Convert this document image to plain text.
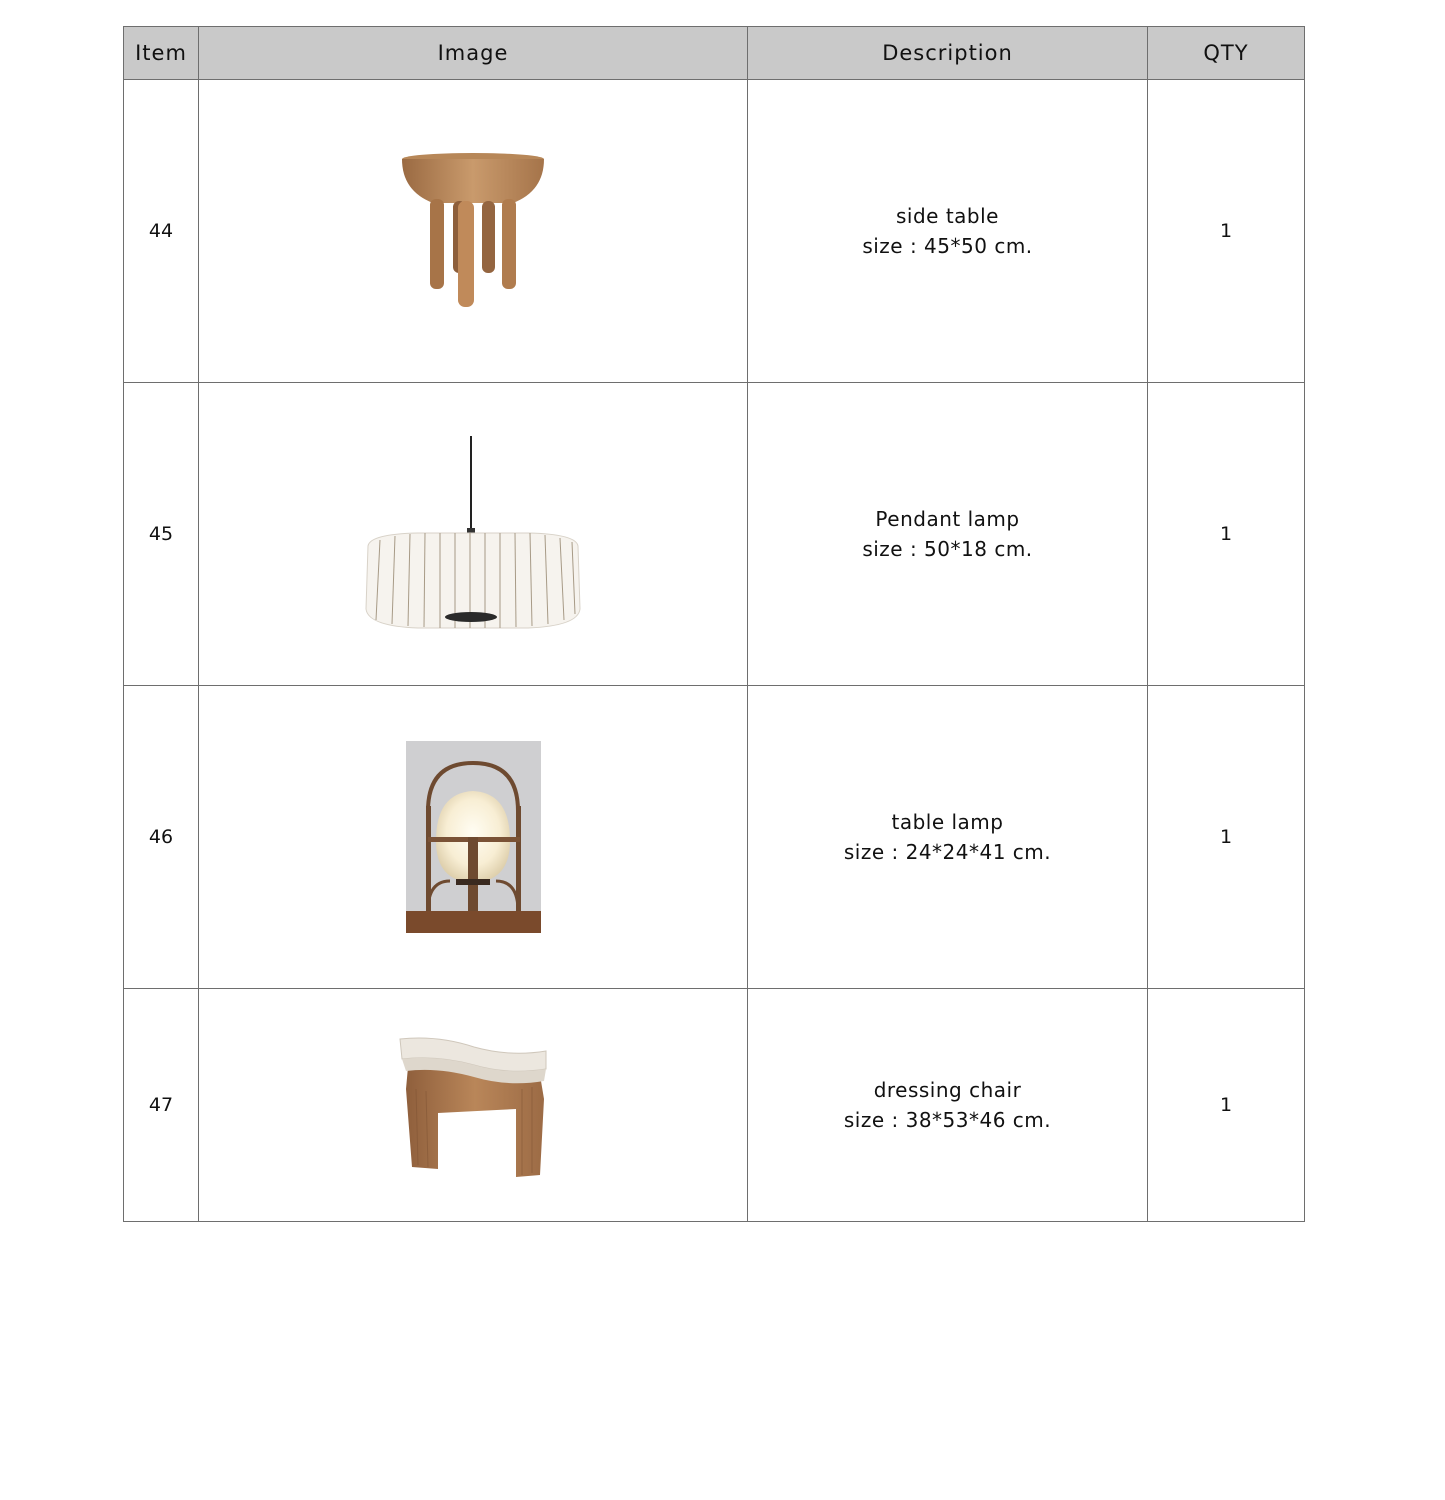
Item	Image	Description	QTY
44		side table
size : 45*50 cm.	1
45		Pendant lamp
size : 50*18 cm.	1
46		table lamp
size : 24*24*41 cm.	1
47		dressing chair
size : 38*53*46 cm.	1
